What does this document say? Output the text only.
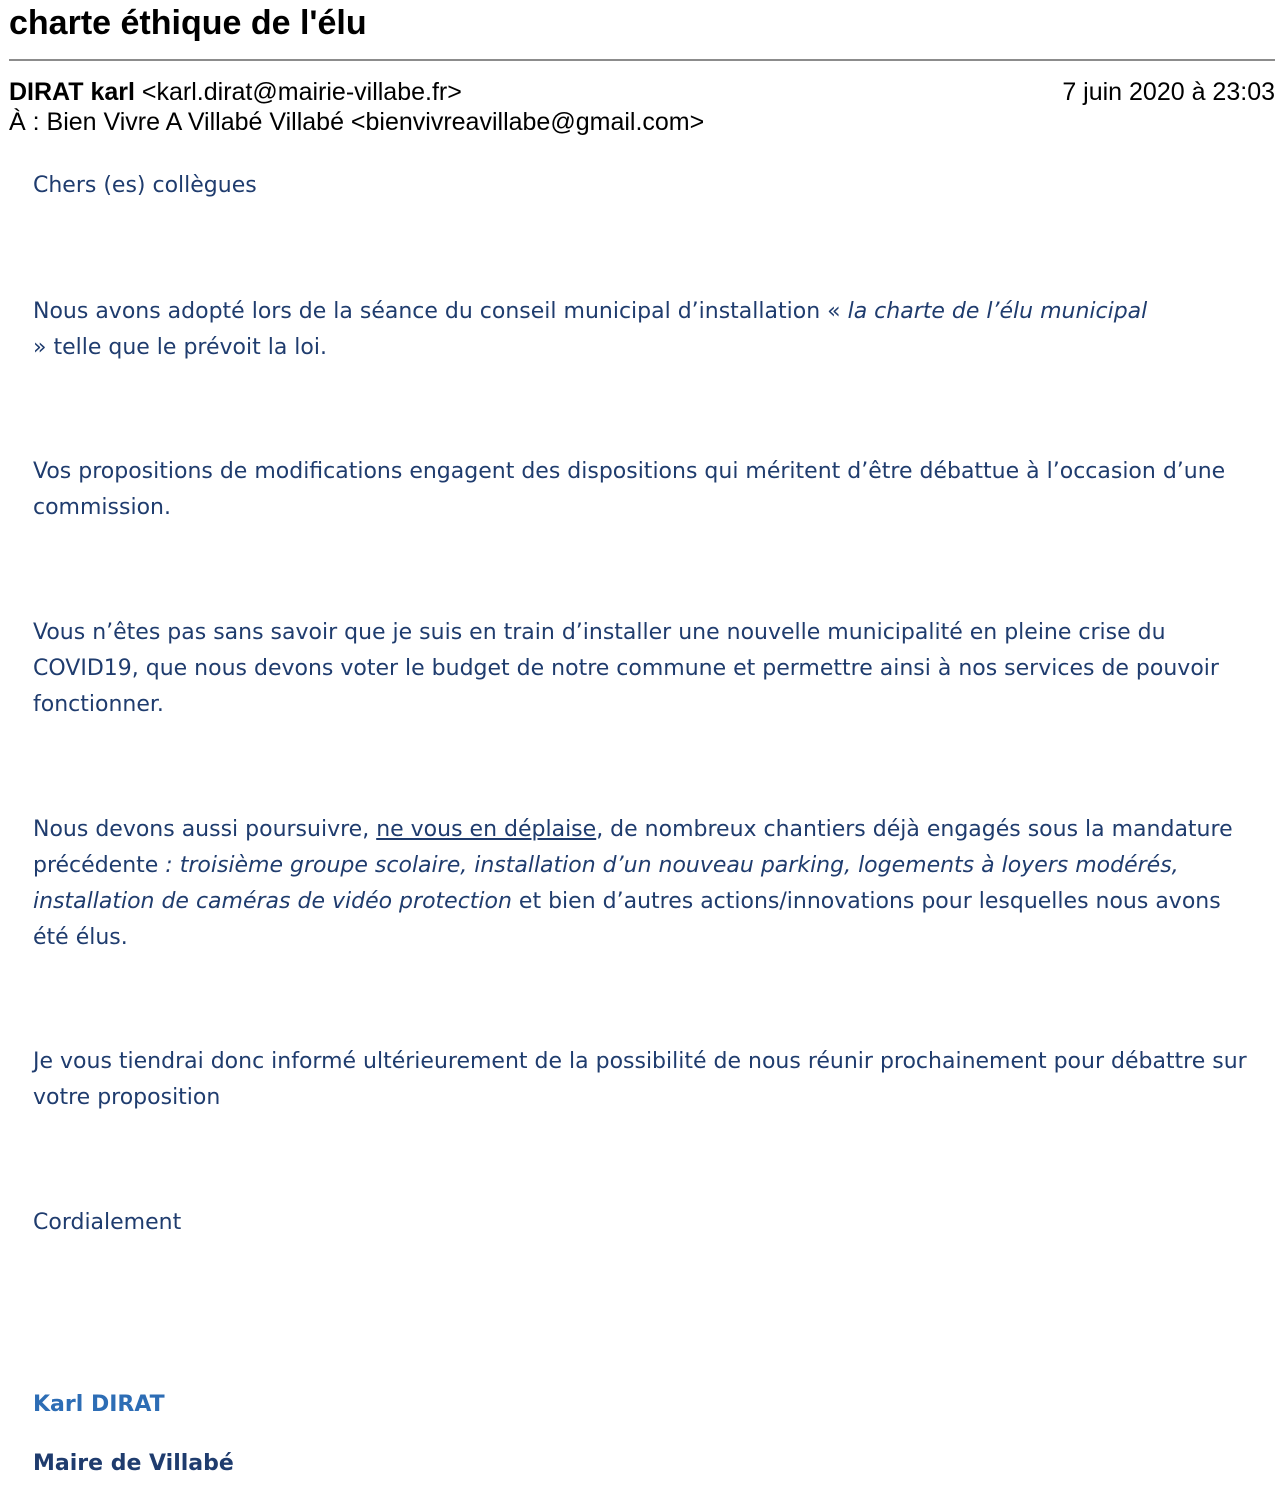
charte éthique de l'élu
DIRAT karl <karl.dirat@mairie-villabe.fr>	7 juin 2020 à 23:03
À : Bien Vivre A Villabé Villabé <bienvivreavillabe@gmail.com>
Chers (es) collègues
Nous avons adopté lors de la séance du conseil municipal d’installation « la charte de l’élu municipal
» telle que le prévoit la loi.
Vos propositions de modifications engagent des dispositions qui méritent d’être débattue à l’occasion d’une commission.
Vous n’êtes pas sans savoir que je suis en train d’installer une nouvelle municipalité en pleine crise du COVID19, que nous devons voter le budget de notre commune et permettre ainsi à nos services de pouvoir fonctionner.
Nous devons aussi poursuivre, ne vous en déplaise, de nombreux chantiers déjà engagés sous la mandature précédente : troisième groupe scolaire, installation d’un nouveau parking, logements à loyers modérés, installation de caméras de vidéo protection et bien d’autres actions/innovations pour lesquelles nous avons été élus.
Je vous tiendrai donc informé ultérieurement de la possibilité de nous réunir prochainement pour débattre sur votre proposition
Cordialement
Karl DIRAT
Maire de Villabé
